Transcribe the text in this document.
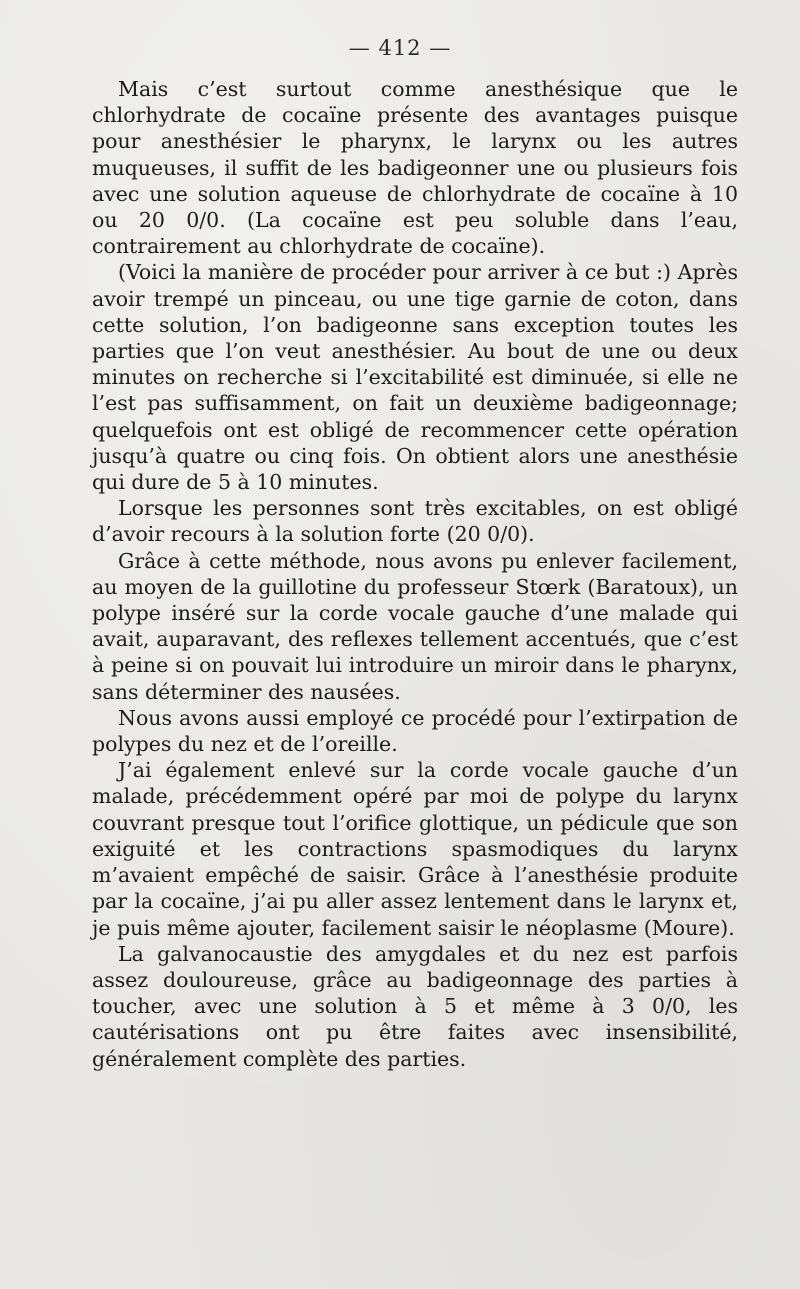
— 412 —

Mais c’est surtout comme anesthésique que le chlorhydrate de cocaïne présente des avantages puisque pour anesthésier le pharynx, le larynx ou les autres muqueuses, il suffit de les badigeonner une ou plusieurs fois avec une solution aqueuse de chlorhydrate de cocaïne à 10 ou 20 0/0. (La cocaïne est peu soluble dans l’eau, contrairement au chlorhydrate de cocaïne).

(Voici la manière de procéder pour arriver à ce but :) Après avoir trempé un pinceau, ou une tige garnie de coton, dans cette solution, l’on badigeonne sans exception toutes les parties que l’on veut anesthésier. Au bout de une ou deux minutes on recherche si l’excitabilité est diminuée, si elle ne l’est pas suffisamment, on fait un deuxième badigeonnage; quelquefois ont est obligé de recommencer cette opération jusqu’à quatre ou cinq fois. On obtient alors une anesthésie qui dure de 5 à 10 minutes.

Lorsque les personnes sont très excitables, on est obligé d’avoir recours à la solution forte (20 0/0).

Grâce à cette méthode, nous avons pu enlever facilement, au moyen de la guillotine du professeur Stœrk (Baratoux), un polype inséré sur la corde vocale gauche d’une malade qui avait, auparavant, des reflexes tellement accentués, que c’est à peine si on pouvait lui introduire un miroir dans le pharynx, sans déterminer des nausées.

Nous avons aussi employé ce procédé pour l’extirpation de polypes du nez et de l’oreille.

J’ai également enlevé sur la corde vocale gauche d’un malade, précédemment opéré par moi de polype du larynx couvrant presque tout l’orifice glottique, un pédicule que son exiguité et les contractions spasmodiques du larynx m’avaient empêché de saisir. Grâce à l’anesthésie produite par la cocaïne, j’ai pu aller assez lentement dans le larynx et, je puis même ajouter, facilement saisir le néoplasme (Moure).

La galvanocaustie des amygdales et du nez est parfois assez douloureuse, grâce au badigeonnage des parties à toucher, avec une solution à 5 et même à 3 0/0, les cautérisations ont pu être faites avec insensibilité, généralement complète des parties.
